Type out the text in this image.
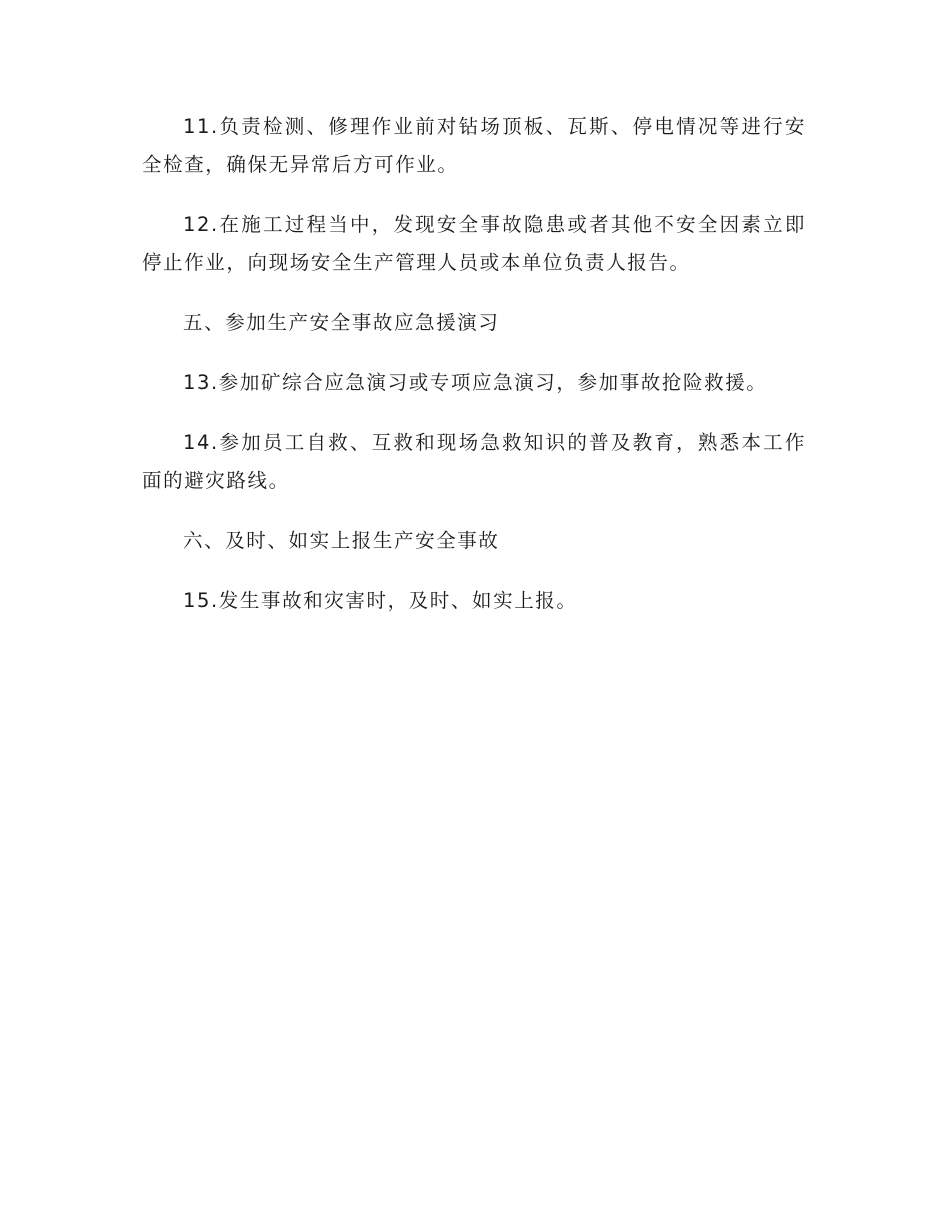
11.负责检测、修理作业前对钻场顶板、瓦斯、停电情况等进行安全检查，确保无异常后方可作业。

12.在施工过程当中，发现安全事故隐患或者其他不安全因素立即停止作业，向现场安全生产管理人员或本单位负责人报告。

五、参加生产安全事故应急援演习

13.参加矿综合应急演习或专项应急演习，参加事故抢险救援。

14.参加员工自救、互救和现场急救知识的普及教育，熟悉本工作面的避灾路线。

六、及时、如实上报生产安全事故

15.发生事故和灾害时，及时、如实上报。
